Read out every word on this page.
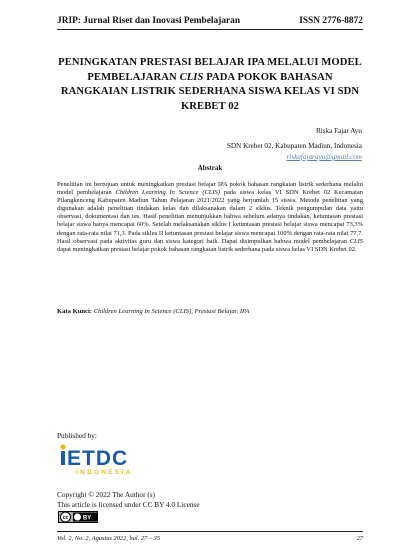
JRIP: Jurnal Riset dan Inovasi Pembelajaran	ISSN 2776-8872
PENINGKATAN PRESTASI BELAJAR IPA MELALUI MODEL
PEMBELAJARAN CLIS PADA POKOK BAHASAN
RANGKAIAN LISTRIK SEDERHANA SISWA KELAS VI SDN
KREBET 02
Riska Fajar Ayu
SDN Krebet 02, Kabupaten Madiun, Indonesia
riskafajarayu@gmail.com
Abstrak
Penelitian ini bertujuan untuk meningkatkan prestasi belajar IPA pokok bahasan rangkaian listrik sederhana melalui model pembelajaran Children Learning In Science (CLIS) pada siswa kelas VI SDN Krebet 02 Kecamatan Pilangkenceng Kabupaten Madiun Tahun Pelajaran 2021/2022 yang berjumlah 15 siswa. Metode penelitian yang digunakan adalah penelitian tindakan kelas dan dilaksanakan dalam 2 siklus. Teknik pengumpulan data yaitu observasi, dokumentasi dan tes. Hasil penelitian menunjukkan bahwa sebelum adanya tindakan, ketuntasan prestasi belajar siswa hanya mencapai 60%. Setelah melaksanakan siklus I ketuntasan prestasi belajar siswa mencapai 73,3% dengan rata-rata nilai 71,3. Pada siklus II ketuntasan prestasi belajar siswa mencapai 100% dengan rata-rata nilai 77,7. Hasil observasi pada aktivitas guru dan siswa kategori baik. Dapat disimpulkan bahwa model pembelajaran CLIS dapat meningkatkan prestasi belajar pokok bahasan rangkaian listrik sederhana pada siswa kelas VI SDN Krebet 02.
Kata Kunci: Children Learning In Science (CLIS), Prestasi Belajar, IPA
Published by:
ETDC
INDONESIA
Copyright © 2022 The Author (s)
This article is licensed under CC BY 4.0 License
cc BY
Vol. 2, No. 2, Agustus 2022, hal. 27 – 35	27
